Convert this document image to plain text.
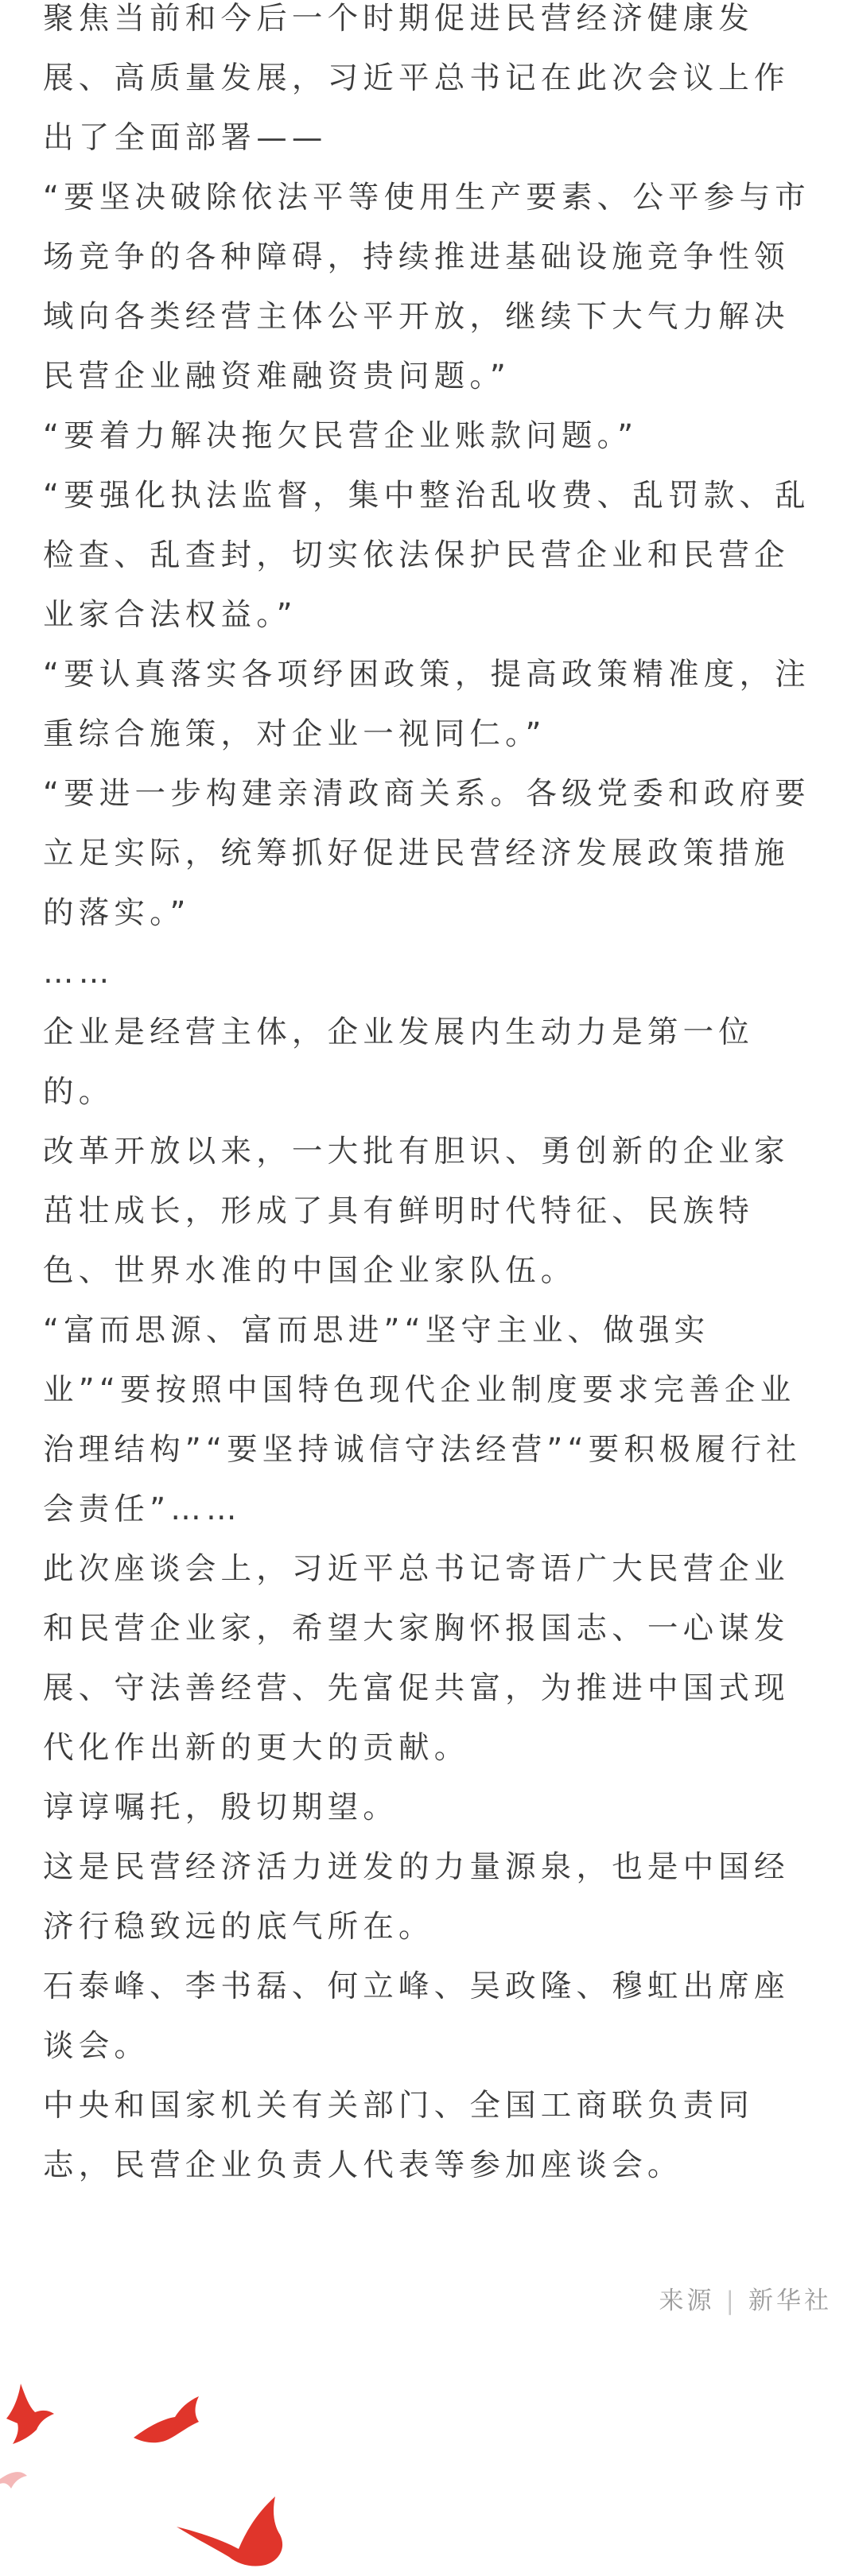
聚焦当前和今后一个时期促进民营经济健康发展、高质量发展，习近平总书记在此次会议上作出了全面部署——

“要坚决破除依法平等使用生产要素、公平参与市场竞争的各种障碍，持续推进基础设施竞争性领域向各类经营主体公平开放，继续下大气力解决民营企业融资难融资贵问题。”

“要着力解决拖欠民营企业账款问题。”

“要强化执法监督，集中整治乱收费、乱罚款、乱检查、乱查封，切实依法保护民营企业和民营企业家合法权益。”

“要认真落实各项纾困政策，提高政策精准度，注重综合施策，对企业一视同仁。”

“要进一步构建亲清政商关系。各级党委和政府要立足实际，统筹抓好促进民营经济发展政策措施的落实。”

……

企业是经营主体，企业发展内生动力是第一位的。

改革开放以来，一大批有胆识、勇创新的企业家茁壮成长，形成了具有鲜明时代特征、民族特色、世界水准的中国企业家队伍。

“富而思源、富而思进”“坚守主业、做强实业”“要按照中国特色现代企业制度要求完善企业治理结构”“要坚持诚信守法经营”“要积极履行社会责任”……

此次座谈会上，习近平总书记寄语广大民营企业和民营企业家，希望大家胸怀报国志、一心谋发展、守法善经营、先富促共富，为推进中国式现代化作出新的更大的贡献。

谆谆嘱托，殷切期望。

这是民营经济活力迸发的力量源泉，也是中国经济行稳致远的底气所在。

石泰峰、李书磊、何立峰、吴政隆、穆虹出席座谈会。

中央和国家机关有关部门、全国工商联负责同志，民营企业负责人代表等参加座谈会。

来源 | 新华社
